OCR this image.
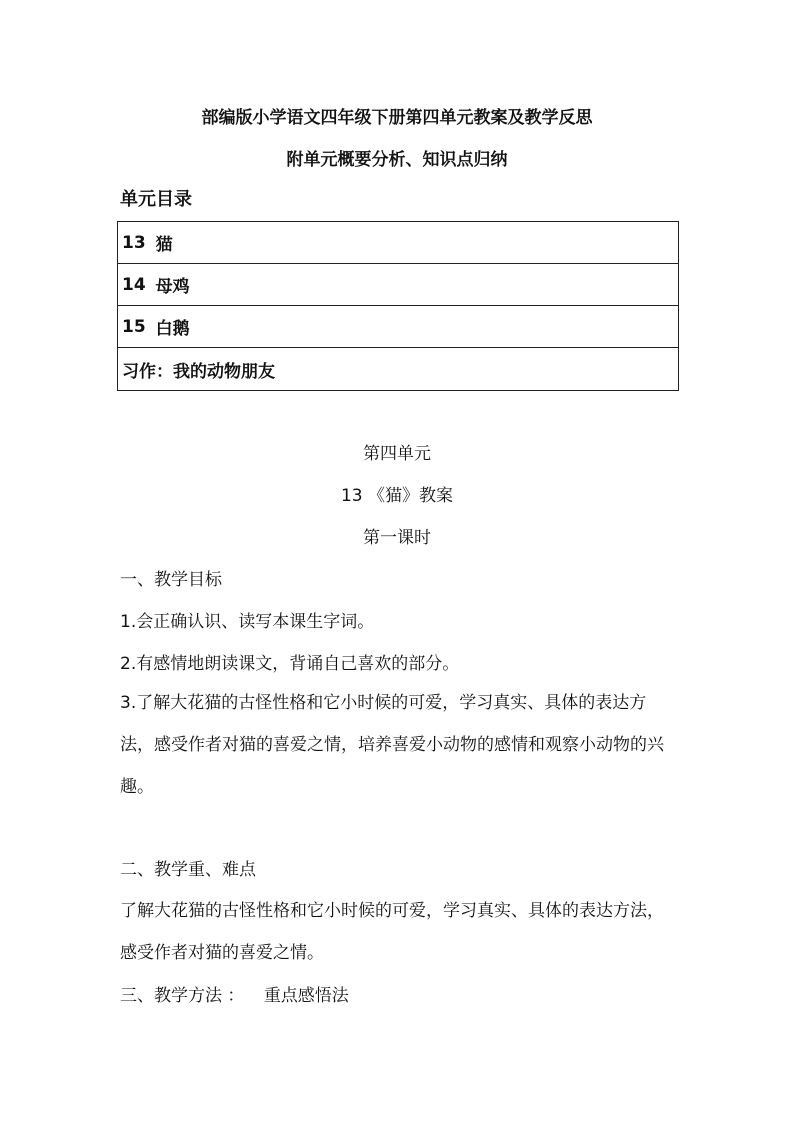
部编版小学语文四年级下册第四单元教案及教学反思
附单元概要分析、知识点归纳
单元目录
13 猫
14 母鸡
15 白鹅
习作：我的动物朋友
第四单元
13 《猫》教案
第一课时
一、教学目标
1.会正确认识、读写本课生字词。
2.有感情地朗读课文，背诵自己喜欢的部分。
3.了解大花猫的古怪性格和它小时候的可爱，学习真实、具体的表达方法，感受作者对猫的喜爱之情，培养喜爱小动物的感情和观察小动物的兴趣。
二、教学重、难点
了解大花猫的古怪性格和它小时候的可爱，学习真实、具体的表达方法，感受作者对猫的喜爱之情。
三、教学方法 ： 重点感悟法
